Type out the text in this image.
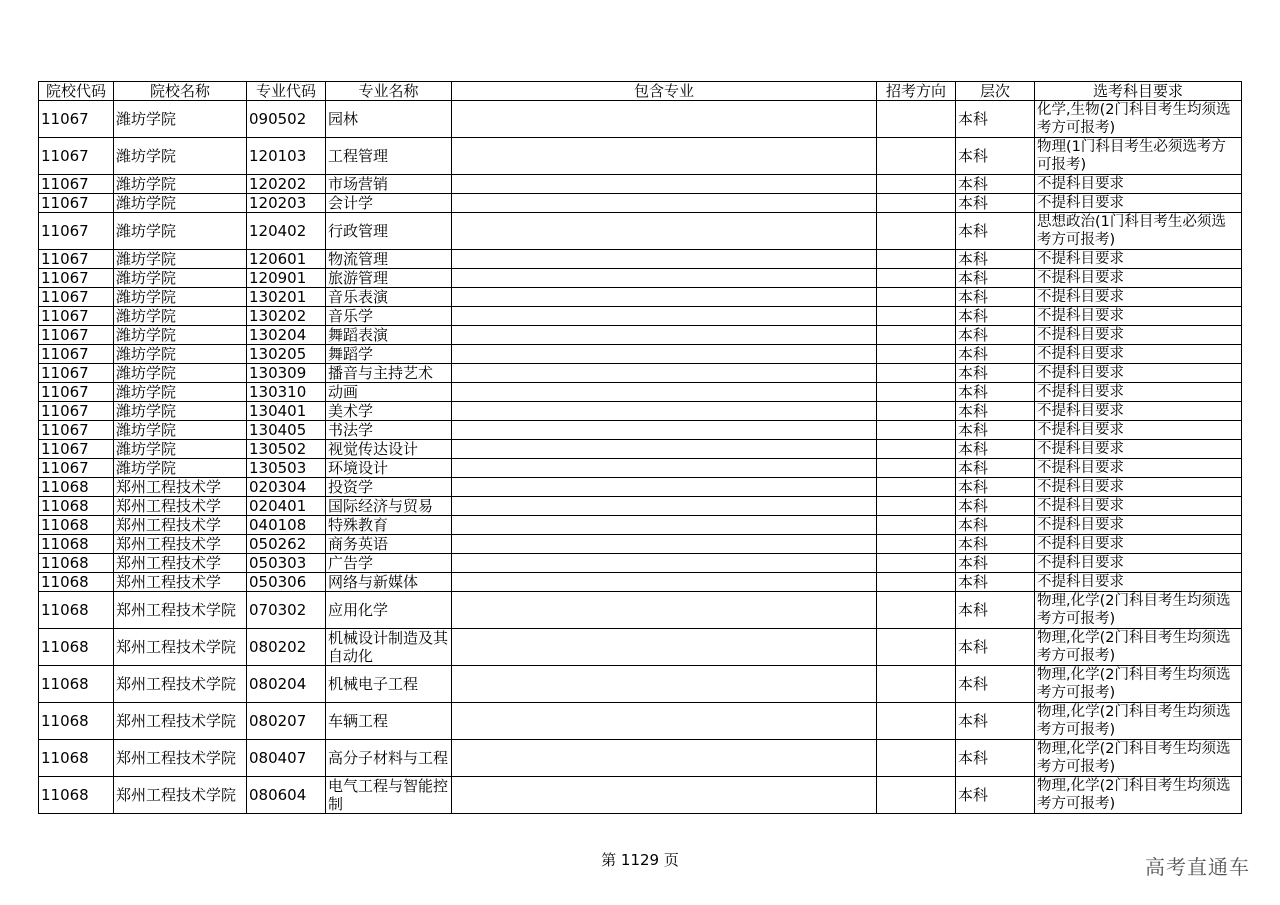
院校代码	院校名称	专业代码	专业名称	包含专业	招考方向	层次	选考科目要求
11067	潍坊学院	090502	园林			本科	化学,生物(2门科目考生均须选考方可报考)
11067	潍坊学院	120103	工程管理			本科	物理(1门科目考生必须选考方可报考)
11067	潍坊学院	120202	市场营销			本科	不提科目要求
11067	潍坊学院	120203	会计学			本科	不提科目要求
11067	潍坊学院	120402	行政管理			本科	思想政治(1门科目考生必须选考方可报考)
11067	潍坊学院	120601	物流管理			本科	不提科目要求
11067	潍坊学院	120901	旅游管理			本科	不提科目要求
11067	潍坊学院	130201	音乐表演			本科	不提科目要求
11067	潍坊学院	130202	音乐学			本科	不提科目要求
11067	潍坊学院	130204	舞蹈表演			本科	不提科目要求
11067	潍坊学院	130205	舞蹈学			本科	不提科目要求
11067	潍坊学院	130309	播音与主持艺术			本科	不提科目要求
11067	潍坊学院	130310	动画			本科	不提科目要求
11067	潍坊学院	130401	美术学			本科	不提科目要求
11067	潍坊学院	130405	书法学			本科	不提科目要求
11067	潍坊学院	130502	视觉传达设计			本科	不提科目要求
11067	潍坊学院	130503	环境设计			本科	不提科目要求
11068	郑州工程技术学	020304	投资学			本科	不提科目要求
11068	郑州工程技术学	020401	国际经济与贸易			本科	不提科目要求
11068	郑州工程技术学	040108	特殊教育			本科	不提科目要求
11068	郑州工程技术学	050262	商务英语			本科	不提科目要求
11068	郑州工程技术学	050303	广告学			本科	不提科目要求
11068	郑州工程技术学	050306	网络与新媒体			本科	不提科目要求
11068	郑州工程技术学院	070302	应用化学			本科	物理,化学(2门科目考生均须选考方可报考)
11068	郑州工程技术学院	080202	机械设计制造及其自动化			本科	物理,化学(2门科目考生均须选考方可报考)
11068	郑州工程技术学院	080204	机械电子工程			本科	物理,化学(2门科目考生均须选考方可报考)
11068	郑州工程技术学院	080207	车辆工程			本科	物理,化学(2门科目考生均须选考方可报考)
11068	郑州工程技术学院	080407	高分子材料与工程			本科	物理,化学(2门科目考生均须选考方可报考)
11068	郑州工程技术学院	080604	电气工程与智能控制			本科	物理,化学(2门科目考生均须选考方可报考)
第 1129 页	高考直通车
